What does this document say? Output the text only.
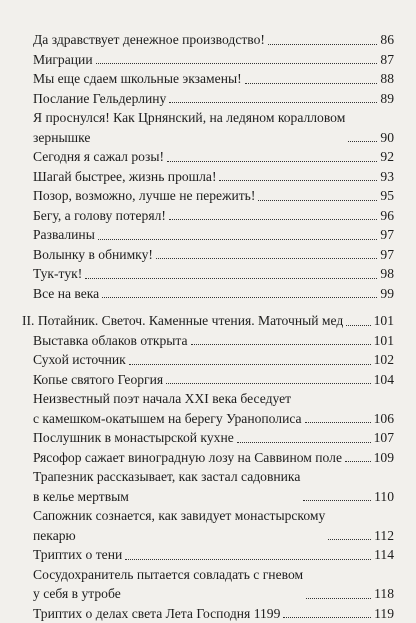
Да здравствует денежное производство!	86
Миграции	87
Мы еще сдаем школьные экзамены!	88
Послание Гельдерлину	89
Я проснулся! Как Црнянский, на ледяном коралловом
зернышке	90
Сегодня я сажал розы!	92
Шагай быстрее, жизнь прошла!	93
Позор, возможно, лучше не пережить!	95
Бегу, а голову потерял!	96
Развалины	97
Волынку в обнимку!	97
Тук-тук!	98
Все на века	99
II. Потайник. Светоч. Каменные чтения. Маточный мед 101
Выставка облаков открыта	101
Сухой источник	102
Копье святого Георгия	104
Неизвестный поэт начала XXI века беседует
с камешком-окатышем на берегу Уранополиса	106
Послушник в монастырской кухне	107
Рясофор сажает виноградную лозу на Саввином поле 109
Трапезник рассказывает, как застал садовника
в келье мертвым	110
Сапожник сознается, как завидует монастырскому
пекарю	112
Триптих о тени	114
Сосудохранитель пытается совладать с гневом
у себя в утробе	118
Триптих о делах света Лета Господня 1199	119
